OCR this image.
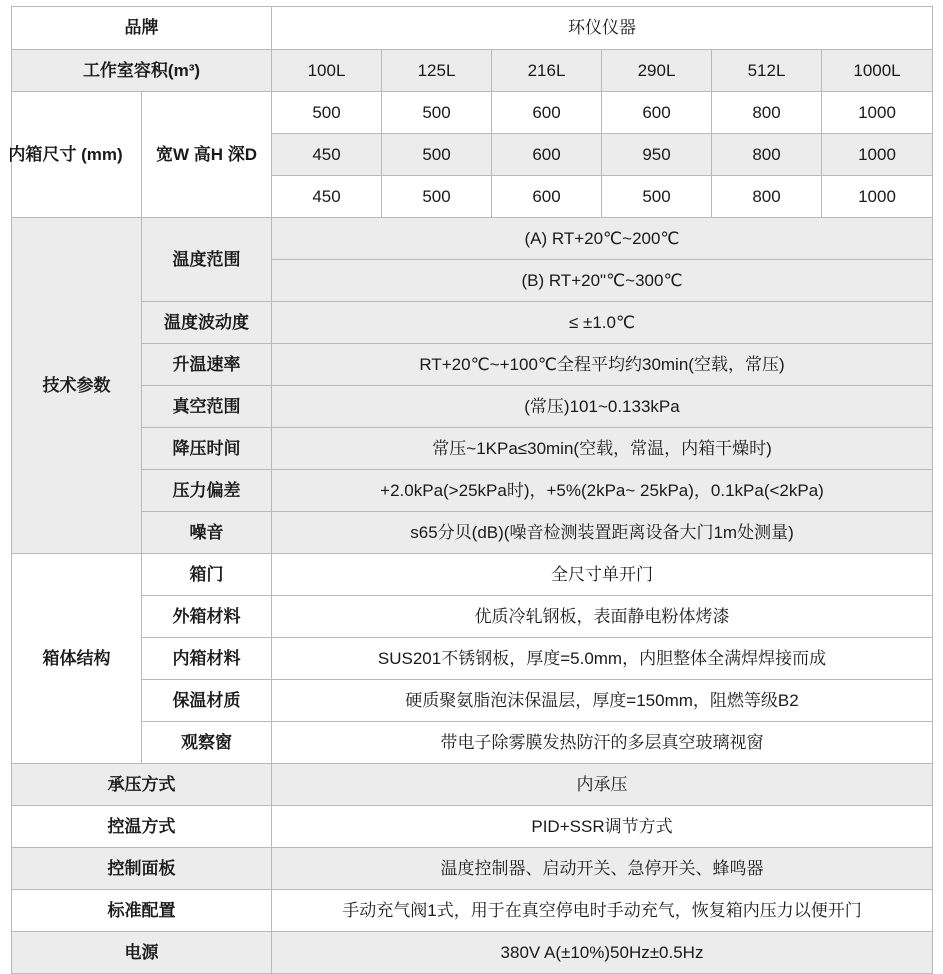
品牌		环仪仪器					
工作室容积(m³)		100L	125L	216L	290L	512L	1000L
内箱尺寸 (mm)	宽W 高H 深D	500	500	600	600	800	1000
		450	500	600	950	800	1000
		450	500	600	500	800	1000
技术参数	温度范围	(A) RT+20℃~200℃					
		(B) RT+20"℃~300℃					
	温度波动度	≤ ±1.0℃					
	升温速率	RT+20℃~+100℃全程平均约30min(空载，常压)					
	真空范围	(常压)101~0.133kPa					
	降压时间	常压~1KPa≤30min(空载，常温，内箱干燥时)					
	压力偏差	+2.0kPa(>25kPa时)，+5%(2kPa~ 25kPa)，0.1kPa(<2kPa)					
	噪音	s65分贝(dB)(噪音检测装置距离设备大门1m处测量)					
箱体结构	箱门	全尺寸单开门					
	外箱材料	优质冷轧钢板，表面静电粉体烤漆					
	内箱材料	SUS201不锈钢板，厚度=5.0mm，内胆整体全满焊焊接而成					
	保温材质	硬质聚氨脂泡沫保温层，厚度=150mm，阻燃等级B2					
	观察窗	带电子除雾膜发热防汗的多层真空玻璃视窗					
承压方式		内承压					
控温方式		PID+SSR调节方式					
控制面板		温度控制器、启动开关、急停开关、蜂鸣器					
标准配置		手动充气阀1式，用于在真空停电时手动充气，恢复箱内压力以便开门					
电源		380V A(±10%)50Hz±0.5Hz					
